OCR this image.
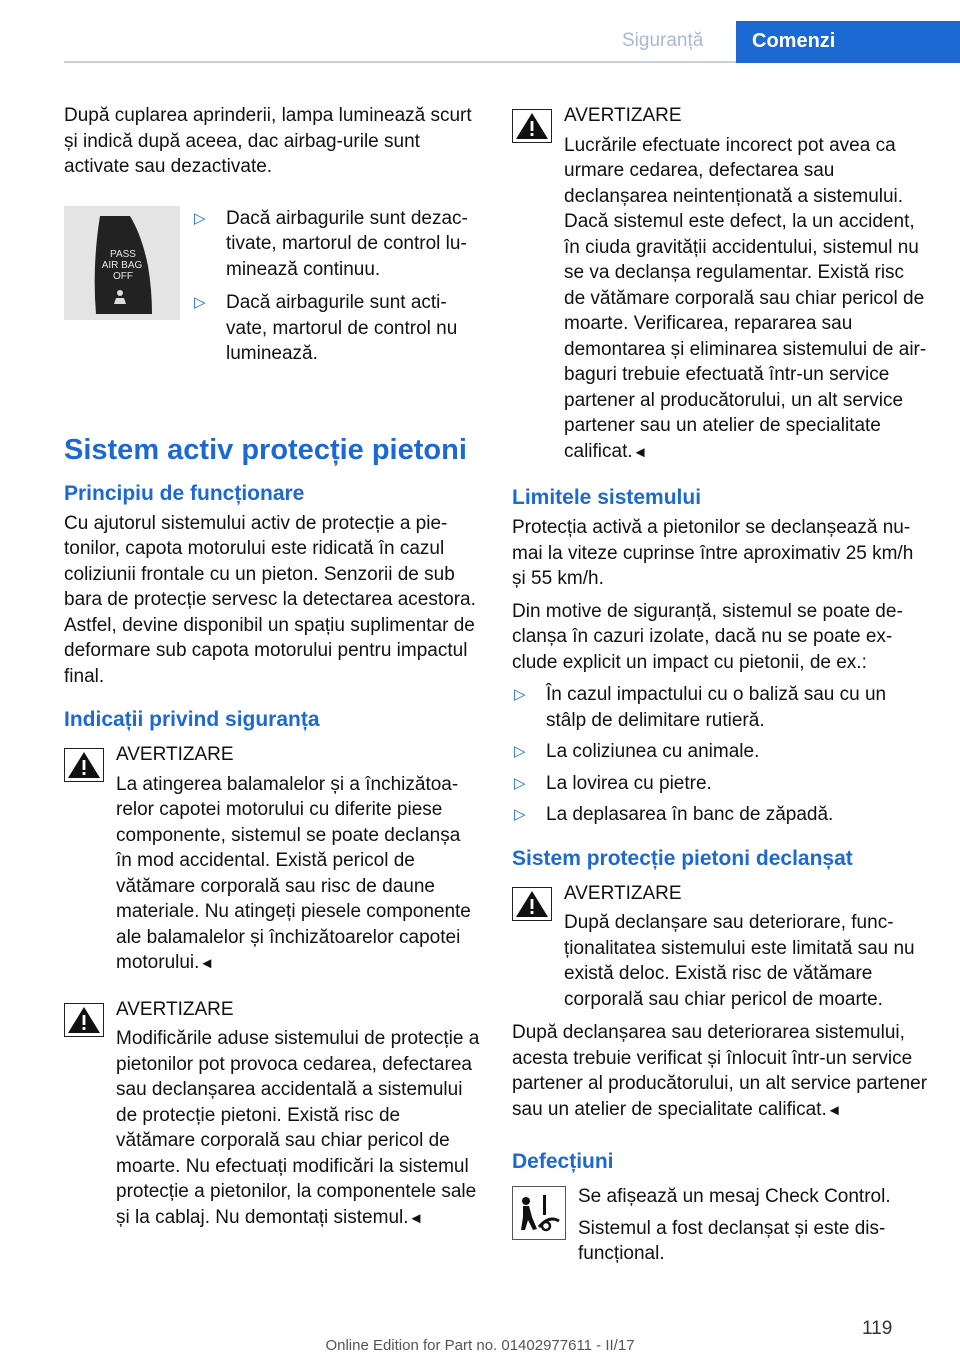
Siguranță Comenzi

După cuplarea aprinderii, lampa luminează scurt și indică după aceea, dac airbag-urile sunt activate sau dezactivate.

PASS
AIR BAG
OFF
▷ Dacă airbagurile sunt dezactivate, martorul de control luminează continuu.
▷ Dacă airbagurile sunt activate, martorul de control nu luminează.
Sistem activ protecție pietoni
Principiu de funcționare

Cu ajutorul sistemului activ de protecție a pietonilor, capota motorului este ridicată în cazul coliziunii frontale cu un pieton. Senzorii de sub bara de protecție servesc la detectarea acestora. Astfel, devine disponibil un spațiu suplimentar de deformare sub capota motorului pentru impactul final.

Indicații privind siguranța
AVERTIZARE
La atingerea balamalelor și a închizătoarelor capotei motorului cu diferite piese componente, sistemul se poate declanșa în mod accidental. Există pericol de vătămare corporală sau risc de daune materiale. Nu atingeți piesele componente ale balamalelor și închizătoarelor capotei motorului.◄
AVERTIZARE
Modificările aduse sistemului de protecție a pietonilor pot provoca cedarea, defectarea sau declanșarea accidentală a sistemului de protecție pietoni. Există risc de vătămare corporală sau chiar pericol de moarte. Nu efectuați modificări la sistemul protecție a pietonilor, la componentele sale și la cablaj. Nu demontați sistemul.◄
AVERTIZARE
Lucrările efectuate incorect pot avea ca urmare cedarea, defectarea sau declanșarea neintenționată a sistemului. Dacă sistemul este defect, la un accident, în ciuda gravității accidentului, sistemul nu se va declanșa regulamentar. Există risc de vătămare corporală sau chiar pericol de moarte. Verificarea, repararea sau demontarea și eliminarea sistemului de airbaguri trebuie efectuată într-un service partener al producătorului, un alt service partener sau un atelier de specialitate calificat.◄
Limitele sistemului

Protecția activă a pietonilor se declanșează numai la viteze cuprinse între aproximativ 25 km/h și 55 km/h.

Din motive de siguranță, sistemul se poate declanșa în cazuri izolate, dacă nu se poate exclude explicit un impact cu pietonii, de ex.:

▷ În cazul impactului cu o baliză sau cu un stâlp de delimitare rutieră.
▷ La coliziunea cu animale.
▷ La lovirea cu pietre.
▷ La deplasarea în banc de zăpadă.
Sistem protecție pietoni declanșat
AVERTIZARE
După declanșare sau deteriorare, funcționalitatea sistemului este limitată sau nu există deloc. Există risc de vătămare corporală sau chiar pericol de moarte.

După declanșarea sau deteriorarea sistemului, acesta trebuie verificat și înlocuit într-un service partener al producătorului, un alt service partener sau un atelier de specialitate calificat.◄

Defecțiuni

Se afișează un mesaj Check Control.

Sistemul a fost declanșat și este disfuncțional.

119
Online Edition for Part no. 01402977611 - II/17
